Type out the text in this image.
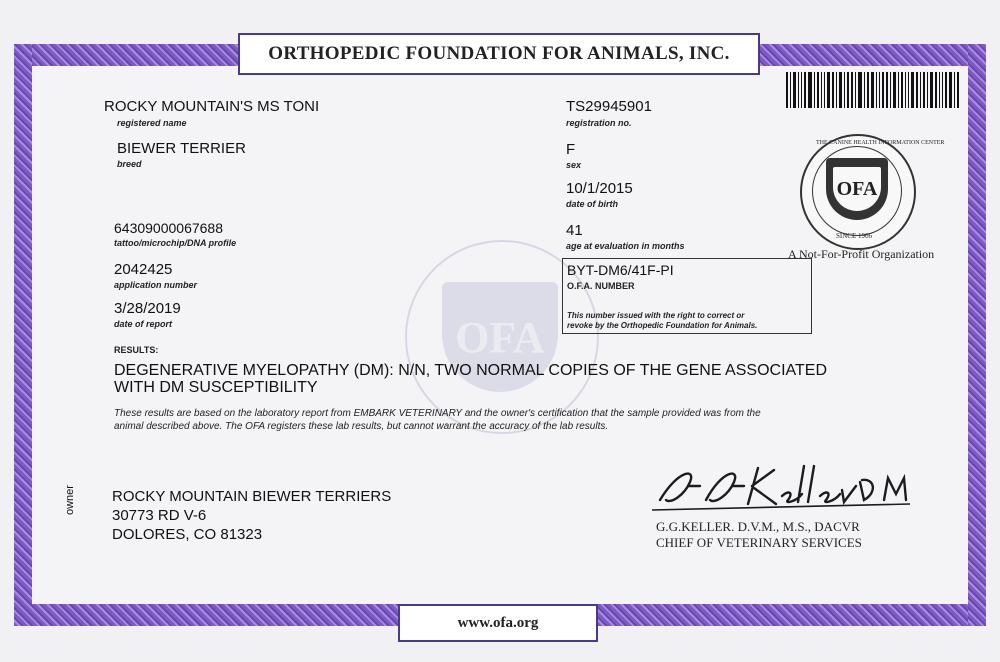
ORTHOPEDIC FOUNDATION FOR ANIMALS, INC.
www.ofa.org
OFA
ROCKY MOUNTAIN'S MS TONI
registered name
BIEWER TERRIER
breed
64309000067688
tattoo/microchip/DNA profile
2042425
application number
3/28/2019
date of report
TS29945901
registration no.
F
sex
10/1/2015
date of birth
41
age at evaluation in months
BYT-DM6/41F-PI
O.F.A. NUMBER
This number issued with the right to correct or
revoke by the Orthopedic Foundation for Animals.
OFA
THE CANINE HEALTH INFORMATION CENTER
SINCE 1966
A Not-For-Profit Organization
RESULTS:
DEGENERATIVE MYELOPATHY (DM): N/N, TWO NORMAL COPIES OF THE GENE ASSOCIATED
WITH DM SUSCEPTIBILITY
These results are based on the laboratory report from EMBARK VETERINARY and the owner's certification that the sample provided was from the
animal described above. The OFA registers these lab results, but cannot warrant the accuracy of the lab results.
owner ROCKY MOUNTAIN BIEWER TERRIERS
30773 RD V-6
DOLORES, CO 81323	G.G.KELLER. D.V.M., M.S., DACVR
CHIEF OF VETERINARY SERVICES
